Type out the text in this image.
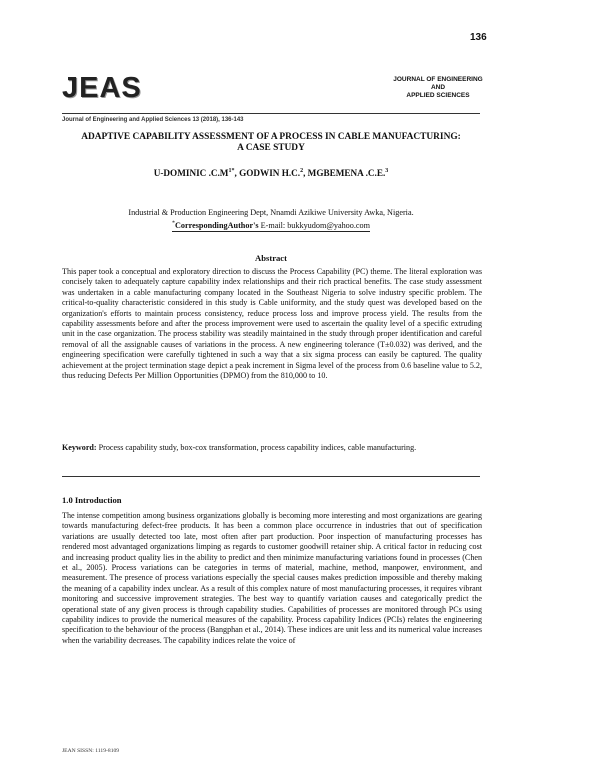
136
JEAS	JOURNAL OF ENGINEERING
AND
APPLIED SCIENCES
Journal of Engineering and Applied Sciences 13 (2018), 136-143
ADAPTIVE CAPABILITY ASSESSMENT OF A PROCESS IN CABLE MANUFACTURING:
A CASE STUDY
U-DOMINIC $.C.M^{1*}$, GODWIN H.C.$^2$, MGBEMENA .C.E.$^3$
Industrial & Production Engineering Dept, Nnamdi Azikiwe University Awka, Nigeria.
*CorrespondingAuthor's E-mail: bukkyudom@yahoo.com
Abstract
This paper took a conceptual and exploratory direction to discuss the Process Capability (PC) theme. The literal exploration was concisely taken to adequately capture capability index relationships and their rich practical benefits. The case study assessment was undertaken in a cable manufacturing company located in the Southeast Nigeria to solve industry specific problem. The critical-to-quality characteristic considered in this study is Cable uniformity, and the study quest was developed based on the organization's efforts to maintain process consistency, reduce process loss and improve process yield. The results from the capability assessments before and after the process improvement were used to ascertain the quality level of a specific extruding unit in the case organization. The process stability was steadily maintained in the study through proper identification and careful removal of all the assignable causes of variations in the process. A new engineering tolerance (T±0.032) was derived, and the engineering specification were carefully tightened in such a way that a six sigma process can easily be captured. The quality achievement at the project termination stage depict a peak increment in Sigma level of the process from 0.6 baseline value to 5.2, thus reducing Defects Per Million Opportunities (DPMO) from the 810,000 to 10.
Keyword: Process capability study, box-cox transformation, process capability indices, cable manufacturing.
1.0 Introduction
The intense competition among business organizations globally is becoming more interesting and most organizations are gearing towards manufacturing defect-free products. It has been a common place occurrence in industries that out of specification variations are usually detected too late, most often after part production. Poor inspection of manufacturing processes has rendered most advantaged organizations limping as regards to customer goodwill retainer ship. A critical factor in reducing cost and increasing product quality lies in the ability to predict and then minimize manufacturing variations found in processes (Chen et al., 2005). Process variations can be categories in terms of material, machine, method, manpower, environment, and measurement. The presence of process variations especially the special causes makes prediction impossible and thereby making the meaning of a capability index unclear. As a result of this complex nature of most manufacturing processes, it requires vibrant monitoring and successive improvement strategies. The best way to quantify variation causes and categorically predict the operational state of any given process is through capability studies. Capabilities of processes are monitored through PCs using capability indices to provide the numerical measures of the capability. Process capability Indices (PCIs) relates the engineering specification to the behaviour of the process (Bangphan et al., 2014). These indices are unit less and its numerical value increases when the variability decreases. The capability indices relate the voice of
JEAN SISSN: 1119-8109
